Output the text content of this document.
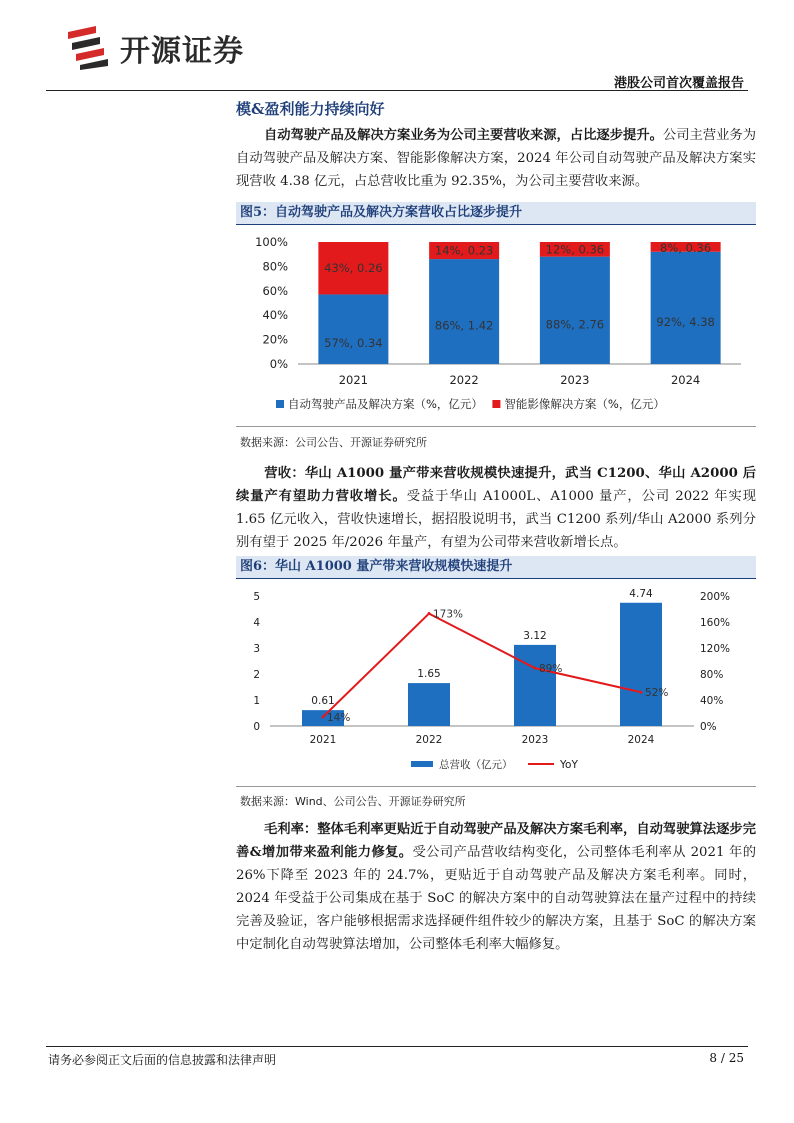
开源证券
港股公司首次覆盖报告
模&盈利能力持续向好
自动驾驶产品及解决方案业务为公司主要营收来源，占比逐步提升。公司主营业务为自动驾驶产品及解决方案、智能影像解决方案，2024 年公司自动驾驶产品及解决方案实现营收 4.38 亿元，占总营收比重为 92.35%，为公司主要营收来源。
图5：自动驾驶产品及解决方案营收占比逐步提升
0%
20%
40%
60%
80%
100%
57%, 0.34
43%, 0.26
2021
86%, 1.42
14%, 0.23
2022
88%, 2.76
12%, 0.36
2023
92%, 4.38
8%, 0.36
2024
自动驾驶产品及解决方案（%，亿元） 智能影像解决方案（%，亿元）
数据来源：公司公告、开源证券研究所
营收：华山 A1000 量产带来营收规模快速提升，武当 C1200、华山 A2000 后续量产有望助力营收增长。受益于华山 A1000L、A1000 量产，公司 2022 年实现 1.65 亿元收入，营收快速增长，据招股说明书，武当 C1200 系列/华山 A2000 系列分别有望于 2025 年/2026 年量产，有望为公司带来营收新增长点。
图6：华山 A1000 量产带来营收规模快速提升
0
1
2
3
4
5
0%
40%
80%
120%
160%
200%
0.61
2021
1.65
2022
3.12
2023
4.74
2024
14%
173%
89%
52%
总营收（亿元）	YoY
数据来源：Wind、公司公告、开源证券研究所
毛利率：整体毛利率更贴近于自动驾驶产品及解决方案毛利率，自动驾驶算法逐步完善&增加带来盈利能力修复。受公司产品营收结构变化，公司整体毛利率从 2021 年的 26%下降至 2023 年的 24.7%，更贴近于自动驾驶产品及解决方案毛利率。同时，2024 年受益于公司集成在基于 SoC 的解决方案中的自动驾驶算法在量产过程中的持续完善及验证，客户能够根据需求选择硬件组件较少的解决方案，且基于 SoC 的解决方案中定制化自动驾驶算法增加，公司整体毛利率大幅修复。
请务必参阅正文后面的信息披露和法律声明	8 / 25
